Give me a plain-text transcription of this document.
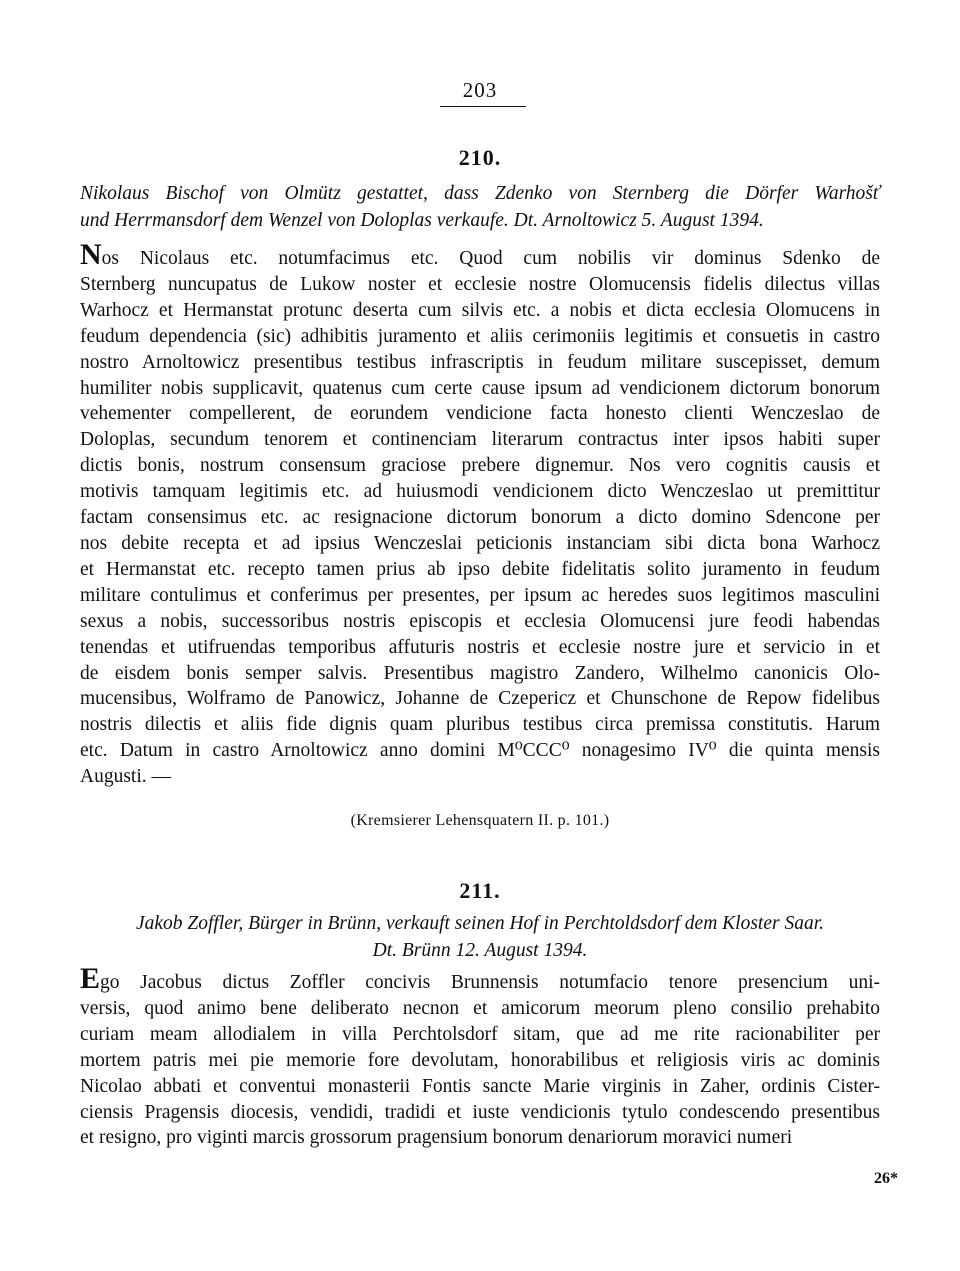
203
210.
Nikolaus Bischof von Olmütz gestattet, dass Zdenko von Sternberg die Dörfer Warhošť
und Herrmansdorf dem Wenzel von Doloplas verkaufe. Dt. Arnoltowicz 5. August 1394.
Nos Nicolaus etc. notumfacimus etc. Quod cum nobilis vir dominus Sdenko de
Sternberg nuncupatus de Lukow noster et ecclesie nostre Olomucensis fidelis dilectus villas
Warhocz et Hermanstat protunc deserta cum silvis etc. a nobis et dicta ecclesia Olomucens in
feudum dependencia (sic) adhibitis juramento et aliis cerimoniis legitimis et consuetis in castro
nostro Arnoltowicz presentibus testibus infrascriptis in feudum militare suscepisset, demum
humiliter nobis supplicavit, quatenus cum certe cause ipsum ad vendicionem dictorum bonorum
vehementer compellerent, de eorundem vendicione facta honesto clienti Wenczeslao de
Doloplas, secundum tenorem et continenciam literarum contractus inter ipsos habiti super
dictis bonis, nostrum consensum graciose prebere dignemur. Nos vero cognitis causis et
motivis tamquam legitimis etc. ad huiusmodi vendicionem dicto Wenczeslao ut premittitur
factam consensimus etc. ac resignacione dictorum bonorum a dicto domino Sdencone per
nos debite recepta et ad ipsius Wenczeslai peticionis instanciam sibi dicta bona Warhocz
et Hermanstat etc. recepto tamen prius ab ipso debite fidelitatis solito juramento in feudum
militare contulimus et conferimus per presentes, per ipsum ac heredes suos legitimos masculini
sexus a nobis, successoribus nostris episcopis et ecclesia Olomucensi jure feodi habendas
tenendas et utifruendas temporibus affuturis nostris et ecclesie nostre jure et servicio in et
de eisdem bonis semper salvis. Presentibus magistro Zandero, Wilhelmo canonicis Olo-
mucensibus, Wolframo de Panowicz, Johanne de Czepericz et Chunschone de Repow fidelibus
nostris dilectis et aliis fide dignis quam pluribus testibus circa premissa constitutis. Harum
etc. Datum in castro Arnoltowicz anno domini M⁰CCC⁰ nonagesimo IV⁰ die quinta mensis
Augusti. —
(Kremsierer Lehensquatern II. p. 101.)
211.
Jakob Zoffler, Bürger in Brünn, verkauft seinen Hof in Perchtoldsdorf dem Kloster Saar.
Dt. Brünn 12. August 1394.
Ego Jacobus dictus Zoffler concivis Brunnensis notumfacio tenore presencium uni-
versis, quod animo bene deliberato necnon et amicorum meorum pleno consilio prehabito
curiam meam allodialem in villa Perchtolsdorf sitam, que ad me rite racionabiliter per
mortem patris mei pie memorie fore devolutam, honorabilibus et religiosis viris ac dominis
Nicolao abbati et conventui monasterii Fontis sancte Marie virginis in Zaher, ordinis Cister-
ciensis Pragensis diocesis, vendidi, tradidi et iuste vendicionis tytulo condescendo presentibus
et resigno, pro viginti marcis grossorum pragensium bonorum denariorum moravici numeri
26*
